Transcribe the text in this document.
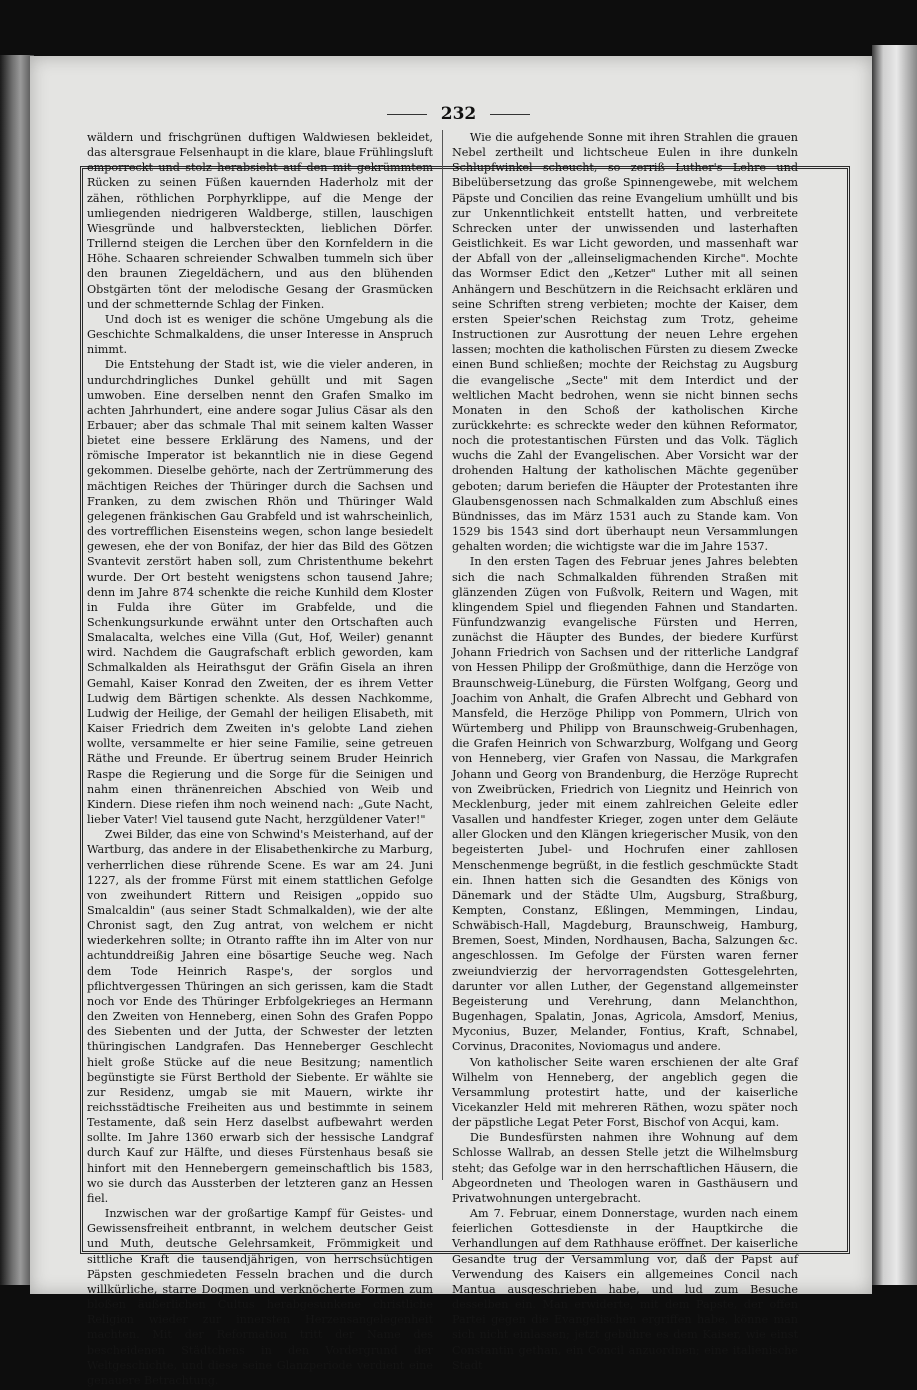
232

wäldern und frischgrünen duftigen Waldwiesen bekleidet, das altersgraue Felsenhaupt in die klare, blaue Frühlingsluft emporreckt und stolz herabsieht auf den mit gekrümmtem Rücken zu seinen Füßen kauernden Haderholz mit der zähen, röthlichen Porphyrklippe, auf die Menge der umliegenden niedrigeren Waldberge, stillen, lauschigen Wiesgründe und halbversteckten, lieblichen Dörfer. Trillernd steigen die Lerchen über den Kornfeldern in die Höhe. Schaaren schreiender Schwalben tummeln sich über den braunen Ziegeldächern, und aus den blühenden Obstgärten tönt der melodische Gesang der Grasmücken und der schmetternde Schlag der Finken.

Und doch ist es weniger die schöne Umgebung als die Geschichte Schmalkaldens, die unser Interesse in Anspruch nimmt.

Die Entstehung der Stadt ist, wie die vieler anderen, in undurchdringliches Dunkel gehüllt und mit Sagen umwoben. Eine derselben nennt den Grafen Smalko im achten Jahrhundert, eine andere sogar Julius Cäsar als den Erbauer; aber das schmale Thal mit seinem kalten Wasser bietet eine bessere Erklärung des Namens, und der römische Imperator ist bekanntlich nie in diese Gegend gekommen. Dieselbe gehörte, nach der Zertrümmerung des mächtigen Reiches der Thüringer durch die Sachsen und Franken, zu dem zwischen Rhön und Thüringer Wald gelegenen fränkischen Gau Grabfeld und ist wahrscheinlich, des vortrefflichen Eisensteins wegen, schon lange besiedelt gewesen, ehe der von Bonifaz, der hier das Bild des Götzen Svantevit zerstört haben soll, zum Christenthume bekehrt wurde. Der Ort besteht wenigstens schon tausend Jahre; denn im Jahre 874 schenkte die reiche Kunhild dem Kloster in Fulda ihre Güter im Grabfelde, und die Schenkungsurkunde erwähnt unter den Ortschaften auch Smalacalta, welches eine Villa (Gut, Hof, Weiler) genannt wird. Nachdem die Gaugrafschaft erblich geworden, kam Schmalkalden als Heirathsgut der Gräfin Gisela an ihren Gemahl, Kaiser Konrad den Zweiten, der es ihrem Vetter Ludwig dem Bärtigen schenkte. Als dessen Nachkomme, Ludwig der Heilige, der Gemahl der heiligen Elisabeth, mit Kaiser Friedrich dem Zweiten in's gelobte Land ziehen wollte, versammelte er hier seine Familie, seine getreuen Räthe und Freunde. Er übertrug seinem Bruder Heinrich Raspe die Regierung und die Sorge für die Seinigen und nahm einen thränenreichen Abschied von Weib und Kindern. Diese riefen ihm noch weinend nach: „Gute Nacht, lieber Vater! Viel tausend gute Nacht, herzgüldener Vater!"

Zwei Bilder, das eine von Schwind's Meisterhand, auf der Wartburg, das andere in der Elisabethenkirche zu Marburg, verherrlichen diese rührende Scene. Es war am 24. Juni 1227, als der fromme Fürst mit einem stattlichen Gefolge von zweihundert Rittern und Reisigen „oppido suo Smalcaldin" (aus seiner Stadt Schmalkalden), wie der alte Chronist sagt, den Zug antrat, von welchem er nicht wiederkehren sollte; in Otranto raffte ihn im Alter von nur achtunddreißig Jahren eine bösartige Seuche weg. Nach dem Tode Heinrich Raspe's, der sorglos und pflichtvergessen Thüringen an sich gerissen, kam die Stadt noch vor Ende des Thüringer Erbfolgekrieges an Hermann den Zweiten von Henneberg, einen Sohn des Grafen Poppo des Siebenten und der Jutta, der Schwester der letzten thüringischen Landgrafen. Das Henneberger Geschlecht hielt große Stücke auf die neue Besitzung; namentlich begünstigte sie Fürst Berthold der Siebente. Er wählte sie zur Residenz, umgab sie mit Mauern, wirkte ihr reichsstädtische Freiheiten aus und bestimmte in seinem Testamente, daß sein Herz daselbst aufbewahrt werden sollte. Im Jahre 1360 erwarb sich der hessische Landgraf durch Kauf zur Hälfte, und dieses Fürstenhaus besaß sie hinfort mit den Hennebergern gemeinschaftlich bis 1583, wo sie durch das Aussterben der letzteren ganz an Hessen fiel.

Inzwischen war der großartige Kampf für Geistes- und Gewissensfreiheit entbrannt, in welchem deutscher Geist und Muth, deutsche Gelehrsamkeit, Frömmigkeit und sittliche Kraft die tausendjährigen, von herrschsüchtigen Päpsten geschmiedeten Fesseln brachen und die durch willkürliche, starre Dogmen und verknöcherte Formen zum bloßen äußerlichen Cultus herabgesunkene christliche Religion wieder zur innersten Herzensangelegenheit machten. Mit der Reformation tritt der Name des bescheidenen Städtchens in den Vordergrund der Weltgeschichte, und diese seine Glanzperiode verdient eine genauere Betrachtung.

Wie die aufgehende Sonne mit ihren Strahlen die grauen Nebel zertheilt und lichtscheue Eulen in ihre dunkeln Schlupfwinkel scheucht, so zerriß Luther's Lehre und Bibelübersetzung das große Spinnengewebe, mit welchem Päpste und Concilien das reine Evangelium umhüllt und bis zur Unkenntlichkeit entstellt hatten, und verbreitete Schrecken unter der unwissenden und lasterhaften Geistlichkeit. Es war Licht geworden, und massenhaft war der Abfall von der „alleinseligmachenden Kirche". Mochte das Wormser Edict den „Ketzer" Luther mit all seinen Anhängern und Beschützern in die Reichsacht erklären und seine Schriften streng verbieten; mochte der Kaiser, dem ersten Speier'schen Reichstag zum Trotz, geheime Instructionen zur Ausrottung der neuen Lehre ergehen lassen; mochten die katholischen Fürsten zu diesem Zwecke einen Bund schließen; mochte der Reichstag zu Augsburg die evangelische „Secte" mit dem Interdict und der weltlichen Macht bedrohen, wenn sie nicht binnen sechs Monaten in den Schoß der katholischen Kirche zurückkehrte: es schreckte weder den kühnen Reformator, noch die protestantischen Fürsten und das Volk. Täglich wuchs die Zahl der Evangelischen. Aber Vorsicht war der drohenden Haltung der katholischen Mächte gegenüber geboten; darum beriefen die Häupter der Protestanten ihre Glaubensgenossen nach Schmalkalden zum Abschluß eines Bündnisses, das im März 1531 auch zu Stande kam. Von 1529 bis 1543 sind dort überhaupt neun Versammlungen gehalten worden; die wichtigste war die im Jahre 1537.

In den ersten Tagen des Februar jenes Jahres belebten sich die nach Schmalkalden führenden Straßen mit glänzenden Zügen von Fußvolk, Reitern und Wagen, mit klingendem Spiel und fliegenden Fahnen und Standarten. Fünfundzwanzig evangelische Fürsten und Herren, zunächst die Häupter des Bundes, der biedere Kurfürst Johann Friedrich von Sachsen und der ritterliche Landgraf von Hessen Philipp der Großmüthige, dann die Herzöge von Braunschweig-Lüneburg, die Fürsten Wolfgang, Georg und Joachim von Anhalt, die Grafen Albrecht und Gebhard von Mansfeld, die Herzöge Philipp von Pommern, Ulrich von Würtemberg und Philipp von Braunschweig-Grubenhagen, die Grafen Heinrich von Schwarzburg, Wolfgang und Georg von Henneberg, vier Grafen von Nassau, die Markgrafen Johann und Georg von Brandenburg, die Herzöge Ruprecht von Zweibrücken, Friedrich von Liegnitz und Heinrich von Mecklenburg, jeder mit einem zahlreichen Geleite edler Vasallen und handfester Krieger, zogen unter dem Geläute aller Glocken und den Klängen kriegerischer Musik, von den begeisterten Jubel- und Hochrufen einer zahllosen Menschenmenge begrüßt, in die festlich geschmückte Stadt ein. Ihnen hatten sich die Gesandten des Königs von Dänemark und der Städte Ulm, Augsburg, Straßburg, Kempten, Constanz, Eßlingen, Memmingen, Lindau, Schwäbisch-Hall, Magdeburg, Braunschweig, Hamburg, Bremen, Soest, Minden, Nordhausen, Bacha, Salzungen &c. angeschlossen. Im Gefolge der Fürsten waren ferner zweiundvierzig der hervorragendsten Gottesgelehrten, darunter vor allen Luther, der Gegenstand allgemeinster Begeisterung und Verehrung, dann Melanchthon, Bugenhagen, Spalatin, Jonas, Agricola, Amsdorf, Menius, Myconius, Buzer, Melander, Fontius, Kraft, Schnabel, Corvinus, Draconites, Noviomagus und andere.

Von katholischer Seite waren erschienen der alte Graf Wilhelm von Henneberg, der angeblich gegen die Versammlung protestirt hatte, und der kaiserliche Vicekanzler Held mit mehreren Räthen, wozu später noch der päpstliche Legat Peter Forst, Bischof von Acqui, kam.

Die Bundesfürsten nahmen ihre Wohnung auf dem Schlosse Wallrab, an dessen Stelle jetzt die Wilhelmsburg steht; das Gefolge war in den herrschaftlichen Häusern, die Abgeordneten und Theologen waren in Gasthäusern und Privatwohnungen untergebracht.

Am 7. Februar, einem Donnerstage, wurden nach einem feierlichen Gottesdienste in der Hauptkirche die Verhandlungen auf dem Rathhause eröffnet. Der kaiserliche Gesandte trug der Versammlung vor, daß der Papst auf Verwendung des Kaisers ein allgemeines Concil nach Mantua ausgeschrieben habe, und lud zum Besuche desselben ein. Man erwiderte, mit dem Papste, der offen Partei gegen die Evangelischen ergriffen habe, könne man sich nicht einlassen; jetzt gebühre es dem Kaiser, wie einst Constantin gethan, ein Concil anzuordnen; eine italienische Stadt
